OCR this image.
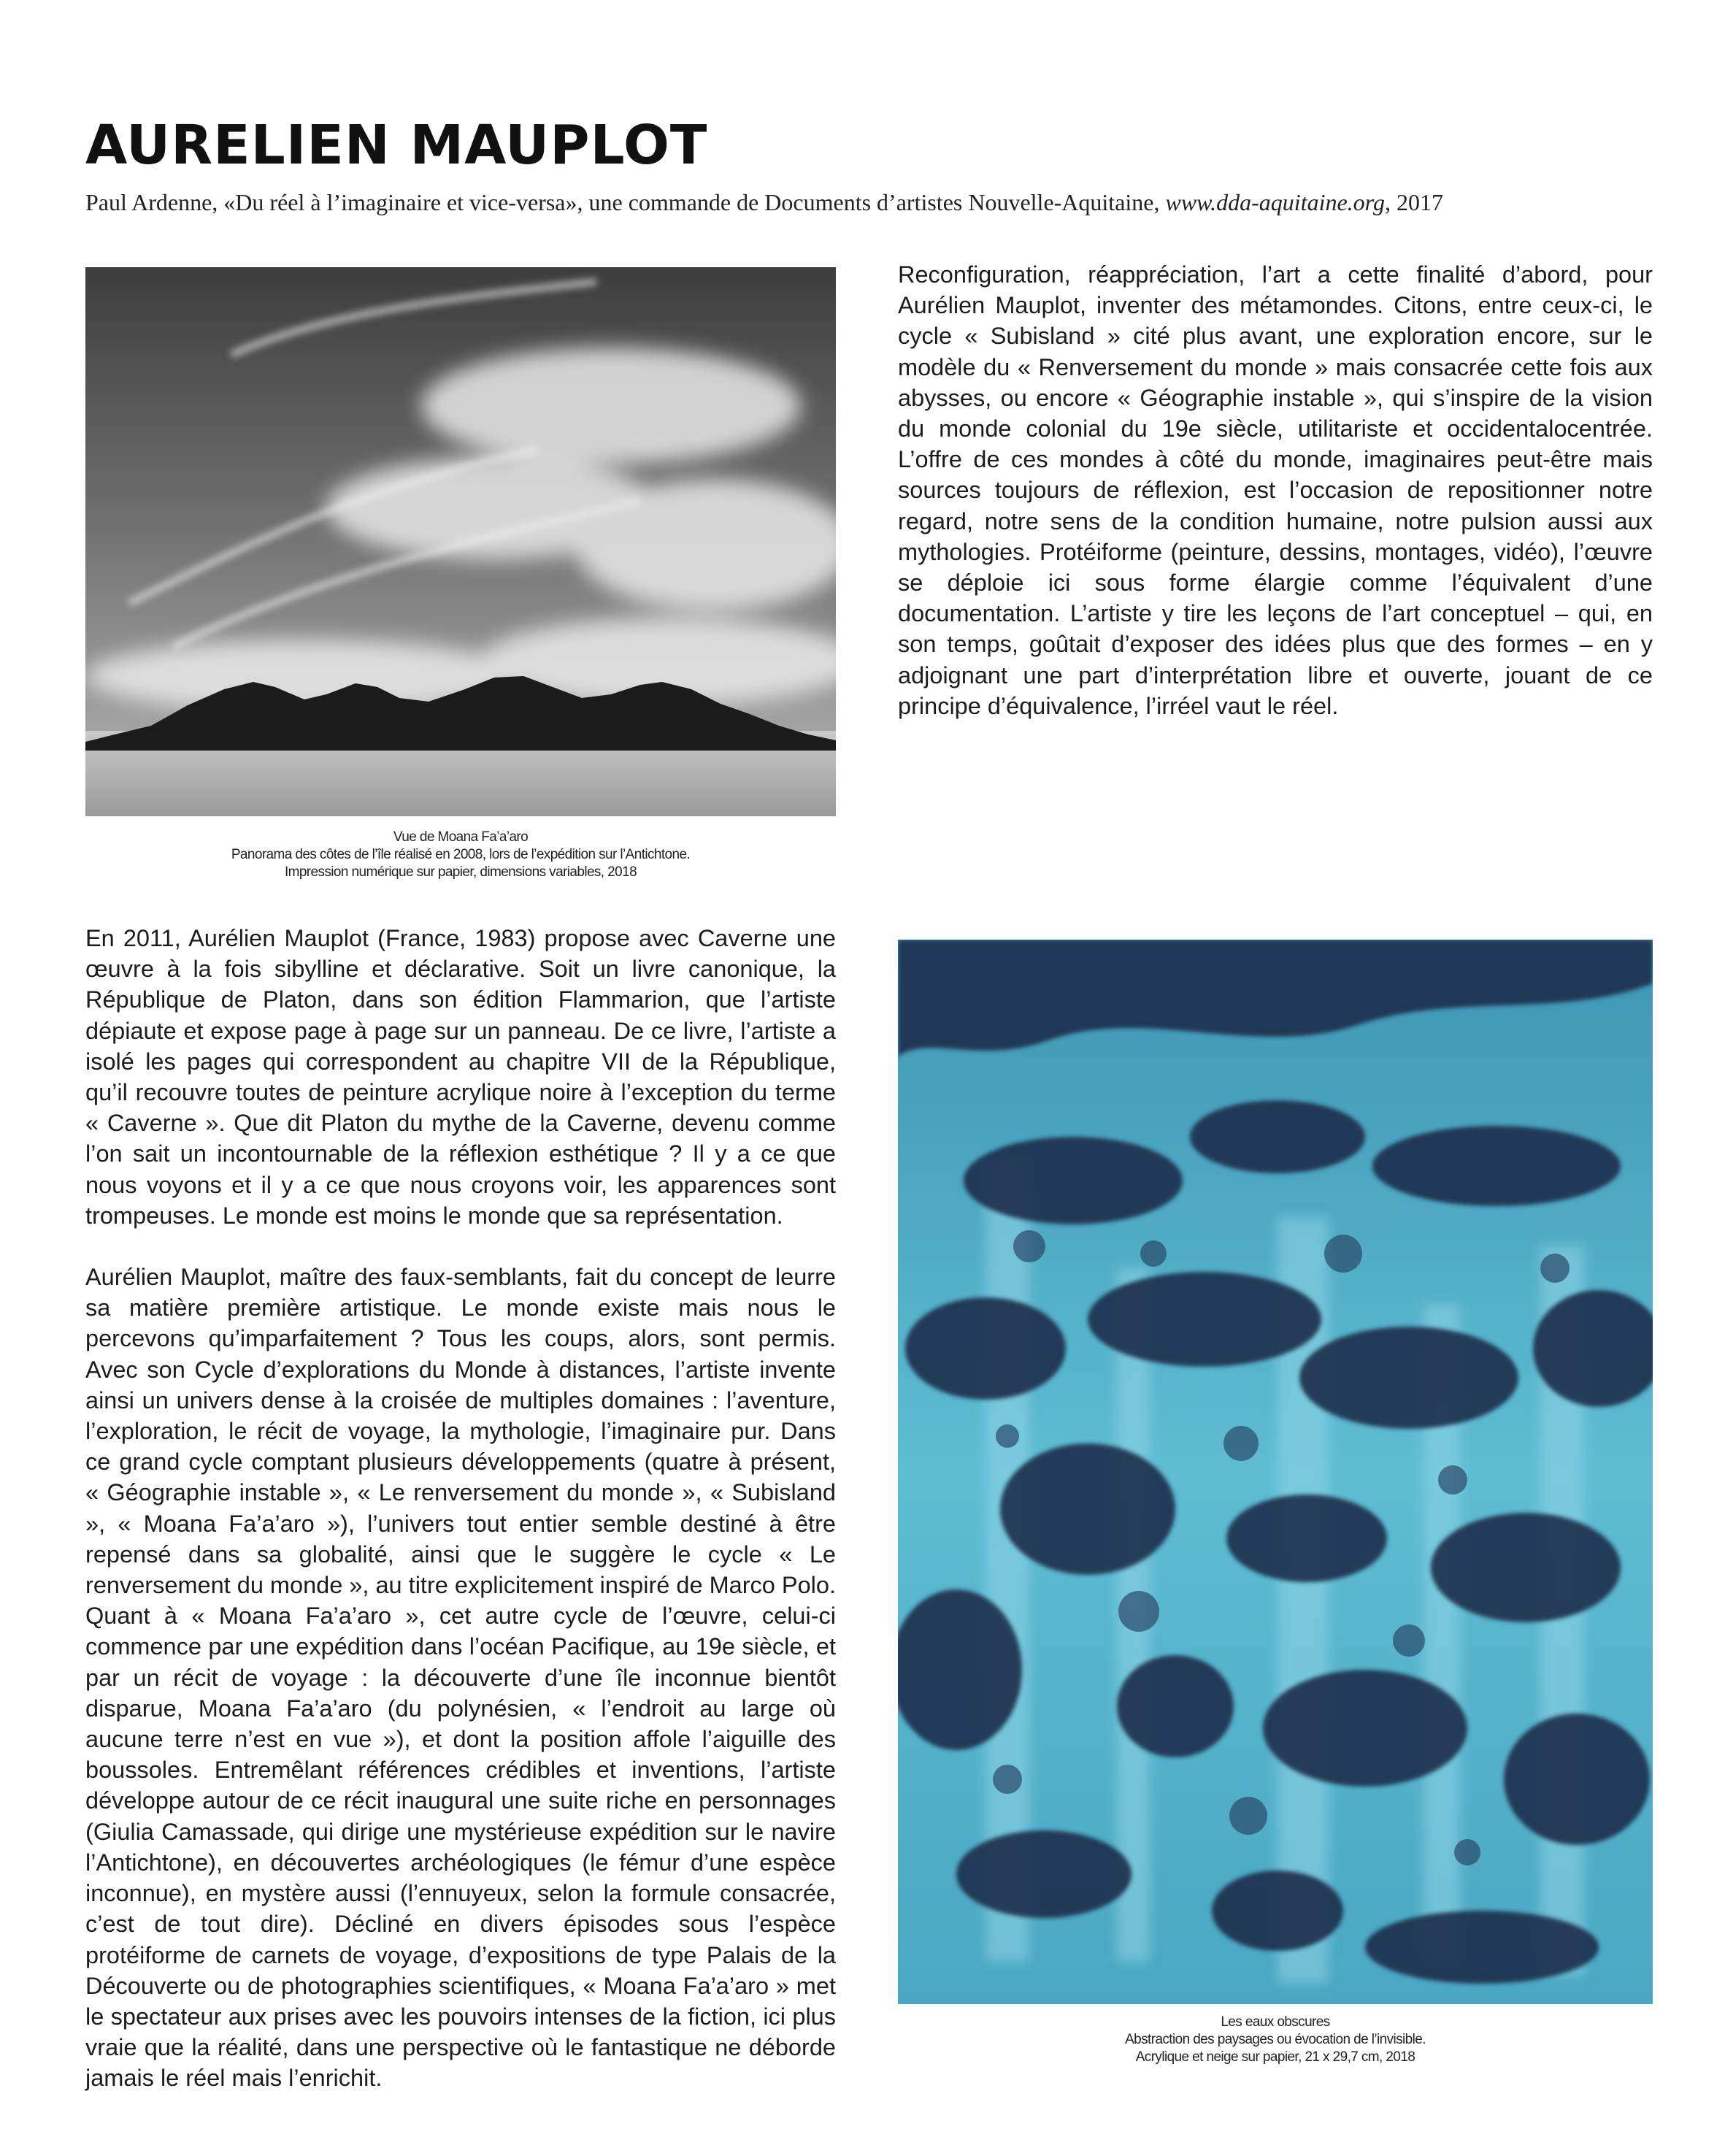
AURELIEN MAUPLOT
Paul Ardenne, «Du réel à l’imaginaire et vice-versa», une commande de Documents d’artistes Nouvelle-Aquitaine, www.dda-aquitaine.org, 2017
Vue de Moana Fa’a’aro
Panorama des côtes de l’île réalisé en 2008, lors de l’expédition sur l’Antichtone.
Impression numérique sur papier, dimensions variables, 2018

Reconfiguration, réappréciation, l’art a cette finalité d’abord, pour Aurélien Mauplot, inventer des métamondes. Citons, entre ceux-ci, le cycle « Subisland » cité plus avant, une exploration encore, sur le modèle du « Renversement du monde » mais consacrée cette fois aux abysses, ou encore « Géographie instable », qui s’inspire de la vision du monde colonial du 19e siècle, utilitariste et occidentalocentrée. L’offre de ces mondes à côté du monde, imaginaires peut-être mais sources toujours de réflexion, est l’occasion de repositionner notre regard, notre sens de la condition humaine, notre pulsion aussi aux mythologies. Protéiforme (peinture, dessins, montages, vidéo), l’œuvre se déploie ici sous forme élargie comme l’équivalent d’une documentation. L’artiste y tire les leçons de l’art conceptuel – qui, en son temps, goûtait d’exposer des idées plus que des formes – en y adjoignant une part d’interprétation libre et ouverte, jouant de ce principe d’équivalence, l’irréel vaut le réel.

En 2011, Aurélien Mauplot (France, 1983) propose avec Caverne une œuvre à la fois sibylline et déclarative. Soit un livre canonique, la République de Platon, dans son édition Flammarion, que l’artiste dépiaute et expose page à page sur un panneau. De ce livre, l’artiste a isolé les pages qui correspondent au chapitre VII de la République, qu’il recouvre toutes de peinture acrylique noire à l’exception du terme « Caverne ». Que dit Platon du mythe de la Caverne, devenu comme l’on sait un incontournable de la réflexion esthétique ? Il y a ce que nous voyons et il y a ce que nous croyons voir, les apparences sont trompeuses. Le monde est moins le monde que sa représentation.

Aurélien Mauplot, maître des faux-semblants, fait du concept de leurre sa matière première artistique. Le monde existe mais nous le percevons qu’imparfaitement ? Tous les coups, alors, sont permis. Avec son Cycle d’explorations du Monde à distances, l’artiste invente ainsi un univers dense à la croisée de multiples domaines : l’aventure, l’exploration, le récit de voyage, la mythologie, l’imaginaire pur. Dans ce grand cycle comptant plusieurs développements (quatre à présent, « Géographie instable », « Le renversement du monde », « Subisland », « Moana Fa’a’aro »), l’univers tout entier semble destiné à être repensé dans sa globalité, ainsi que le suggère le cycle « Le renversement du monde », au titre explicitement inspiré de Marco Polo. Quant à « Moana Fa’a’aro », cet autre cycle de l’œuvre, celui-ci commence par une expédition dans l’océan Pacifique, au 19e siècle, et par un récit de voyage : la découverte d’une île inconnue bientôt disparue, Moana Fa’a’aro (du polynésien, « l’endroit au large où aucune terre n’est en vue »), et dont la position affole l’aiguille des boussoles. Entremêlant références crédibles et inventions, l’artiste développe autour de ce récit inaugural une suite riche en personnages (Giulia Camassade, qui dirige une mystérieuse expédition sur le navire l’Antichtone), en découvertes archéologiques (le fémur d’une espèce inconnue), en mystère aussi (l’ennuyeux, selon la formule consacrée, c’est de tout dire). Décliné en divers épisodes sous l’espèce protéiforme de carnets de voyage, d’expositions de type Palais de la Découverte ou de photographies scientifiques, « Moana Fa’a’aro » met le spectateur aux prises avec les pouvoirs intenses de la fiction, ici plus vraie que la réalité, dans une perspective où le fantastique ne déborde jamais le réel mais l’enrichit.

Les eaux obscures
Abstraction des paysages ou évocation de l’invisible.
Acrylique et neige sur papier, 21 x 29,7 cm, 2018
